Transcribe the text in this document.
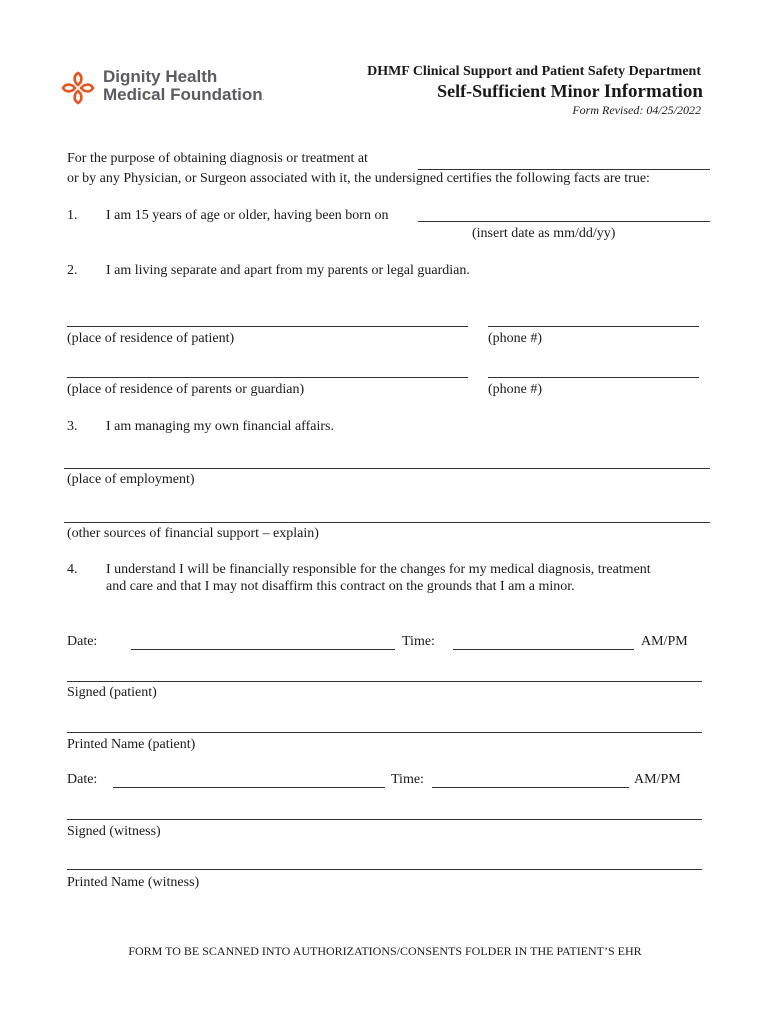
Dignity Health
Medical Foundation.
DHMF Clinical Support and Patient Safety Department
Self-Sufficient Minor Information
Form Revised: 04/25/2022
For the purpose of obtaining diagnosis or treatment at
or by any Physician, or Surgeon associated with it, the undersigned certifies the following facts are true:
1.	I am 15 years of age or older, having been born on
(insert date as mm/dd/yy)
2.	I am living separate and apart from my parents or legal guardian.
(place of residence of patient)	(phone #)
(place of residence of parents or guardian)	(phone #)
3.	I am managing my own financial affairs.
(place of employment)
(other sources of financial support – explain)
4.	I understand I will be financially responsible for the changes for my medical diagnosis, treatment
and care and that I may not disaffirm this contract on the grounds that I am a minor.
Date:	Time:	AM/PM
Signed (patient)
Printed Name (patient)
Date:	Time:	AM/PM
Signed (witness)
Printed Name (witness)
FORM TO BE SCANNED INTO AUTHORIZATIONS/CONSENTS FOLDER IN THE PATIENT’S EHR
